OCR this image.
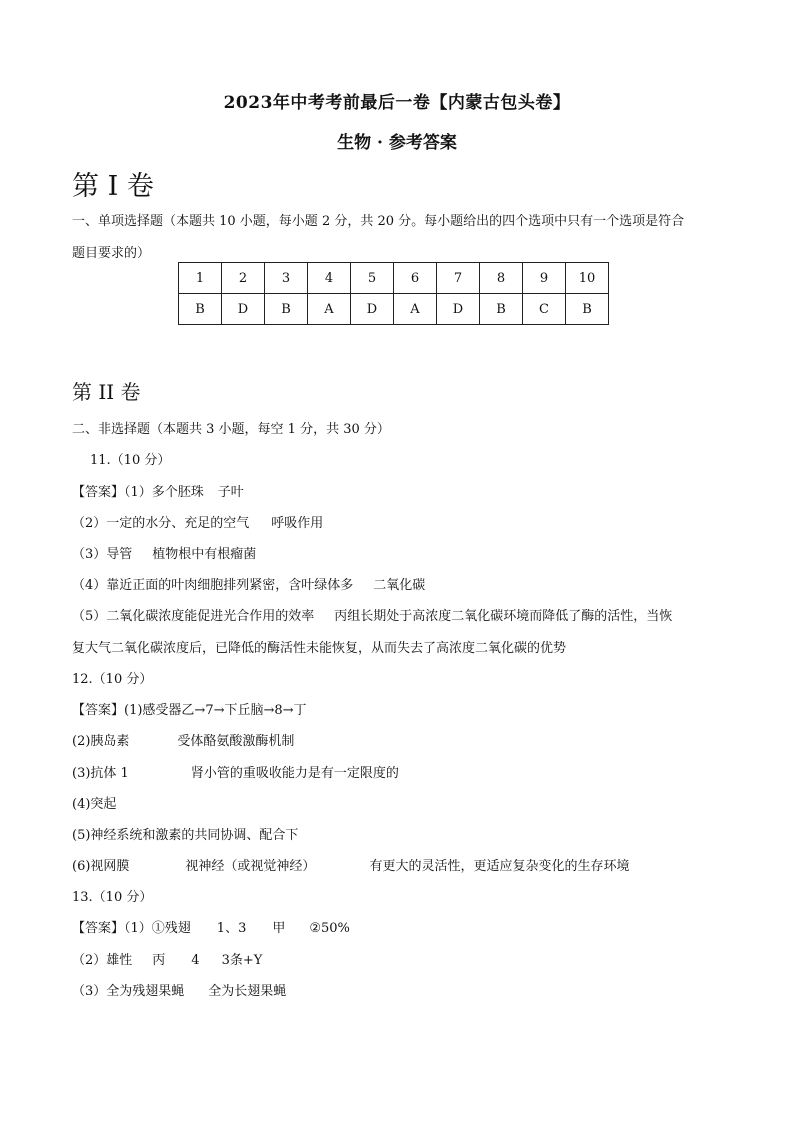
2023年中考考前最后一卷【内蒙古包头卷】
生物 · 参考答案
第 I 卷
一、单项选择题（本题共 10 小题，每小题 2 分，共 20 分。每小题给出的四个选项中只有一个选项是符合
题目要求的）
1	2	3	4	5	6	7	8	9	10
B	D	B	A	D	A	D	B	C	B
第 II 卷
二、非选择题（本题共 3 小题，每空 1 分，共 30 分）
11.（10 分）
【答案】（1）多个胚珠 子叶
（2）一定的水分、充足的空气 呼吸作用
（3）导管 植物根中有根瘤菌
（4）靠近正面的叶肉细胞排列紧密，含叶绿体多 二氧化碳
（5）二氧化碳浓度能促进光合作用的效率 丙组长期处于高浓度二氧化碳环境而降低了酶的活性，当恢
复大气二氧化碳浓度后，已降低的酶活性未能恢复，从而失去了高浓度二氧化碳的优势
12.（10 分）
【答案】(1)感受器乙→7→下丘脑→8→丁
(2)胰岛素	受体酪氨酸激酶机制
(3)抗体 1	肾小管的重吸收能力是有一定限度的
(4)突起
(5)神经系统和激素的共同协调、配合下
(6)视网膜	视神经（或视觉神经）	有更大的灵活性，更适应复杂变化的生存环境
13.（10 分）
【答案】（1）①残翅 1、3 甲 ②50%
（2）雄性 丙 4 3条+Y
（3）全为残翅果蝇 全为长翅果蝇
